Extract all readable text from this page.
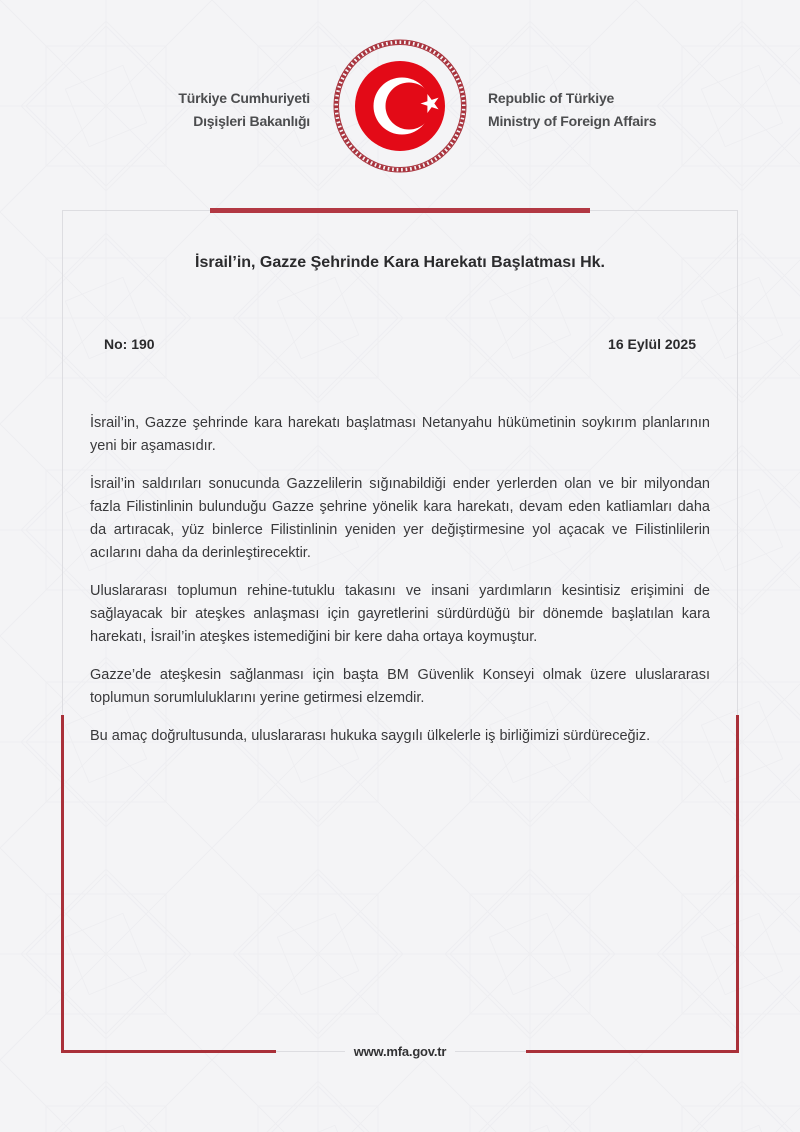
Türkiye Cumhuriyeti
Dışişleri Bakanlığı
Republic of Türkiye
Ministry of Foreign Affairs
İsrail’in, Gazze Şehrinde Kara Harekatı Başlatması Hk.
No: 190	16 Eylül 2025

İsrail’in, Gazze şehrinde kara harekatı başlatması Netanyahu hükümetinin soykırım planlarının yeni bir aşamasıdır.

İsrail’in saldırıları sonucunda Gazzelilerin sığınabildiği ender yerlerden olan ve bir milyondan fazla Filistinlinin bulunduğu Gazze şehrine yönelik kara harekatı, devam eden katliamları daha da artıracak, yüz binlerce Filistinlinin yeniden yer değiştirmesine yol açacak ve Filistinlilerin acılarını daha da derinleştirecektir.

Uluslararası toplumun rehine-tutuklu takasını ve insani yardımların kesintisiz erişimini de sağlayacak bir ateşkes anlaşması için gayretlerini sürdürdüğü bir dönemde başlatılan kara harekatı, İsrail’in ateşkes istemediğini bir kere daha ortaya koymuştur.

Gazze’de ateşkesin sağlanması için başta BM Güvenlik Konseyi olmak üzere uluslararası toplumun sorumluluklarını yerine getirmesi elzemdir.

Bu amaç doğrultusunda, uluslararası hukuka saygılı ülkelerle iş birliğimizi sürdüreceğiz.

www.mfa.gov.tr
